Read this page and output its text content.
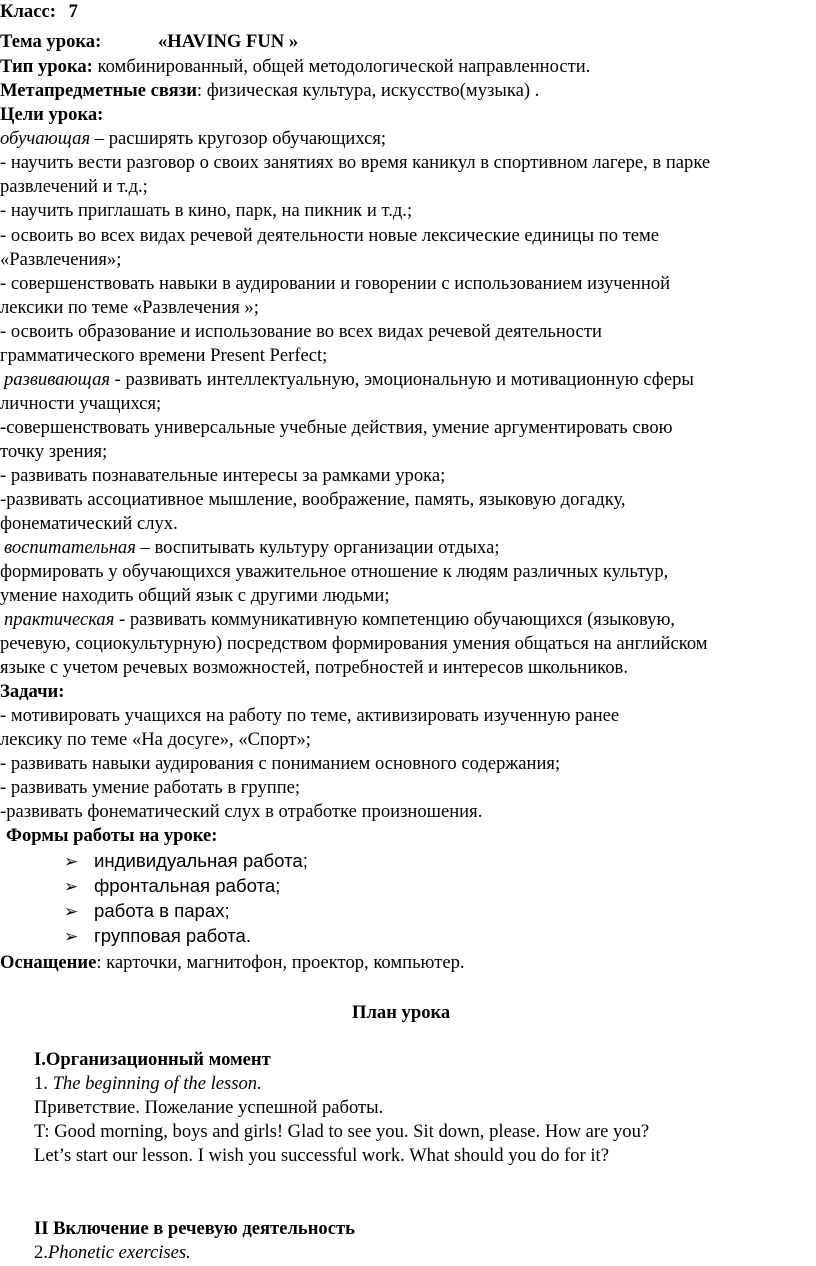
Класс: 7
Тема урока:	«HAVING FUN »
Тип урока: комбинированный, общей методологической направленности.
Метапредметные связи: физическая культура, искусство(музыка) .
Цели урока:
обучающая – расширять кругозор обучающихся;
- научить вести разговор о своих занятиях во время каникул в спортивном лагере, в парке
развлечений и т.д.;
- научить приглашать в кино, парк, на пикник и т.д.;
- освоить во всех видах речевой деятельности новые лексические единицы по теме
«Развлечения»;
- совершенствовать навыки в аудировании и говорении с использованием изученной
лексики по теме «Развлечения »;
- освоить образование и использование во всех видах речевой деятельности
грамматического времени Present Perfect;
развивающая - развивать интеллектуальную, эмоциональную и мотивационную сферы
личности учащихся;
-совершенствовать универсальные учебные действия, умение аргументировать свою
точку зрения;
- развивать познавательные интересы за рамками урока;
-развивать ассоциативное мышление, воображение, память, языковую догадку,
фонематический слух.
воспитательная – воспитывать культуру организации отдыха;
формировать у обучающихся уважительное отношение к людям различных культур,
умение находить общий язык с другими людьми;
практическая - развивать коммуникативную компетенцию обучающихся (языковую,
речевую, социокультурную) посредством формирования умения общаться на английском
языке с учетом речевых возможностей, потребностей и интересов школьников.
Задачи:
- мотивировать учащихся на работу по теме, активизировать изученную ранее
лексику по теме «На досуге», «Спорт»;
- развивать навыки аудирования с пониманием основного содержания;
- развивать умение работать в группе;
-развивать фонематический слух в отработке произношения.
Формы работы на уроке:
➢ индивидуальная работа;
➢ фронтальная работа;
➢ работа в парах;
➢ групповая работа.
Оснащение: карточки, магнитофон, проектор, компьютер.
План урока
I.Организационный момент
1. The beginning of the lesson.
Приветствие. Пожелание успешной работы.
T: Good morning, boys and girls! Glad to see you. Sit down, please. How are you?
Let’s start our lesson. I wish you successful work. What should you do for it?
II Включение в речевую деятельность
2.Phonetic exercises.
